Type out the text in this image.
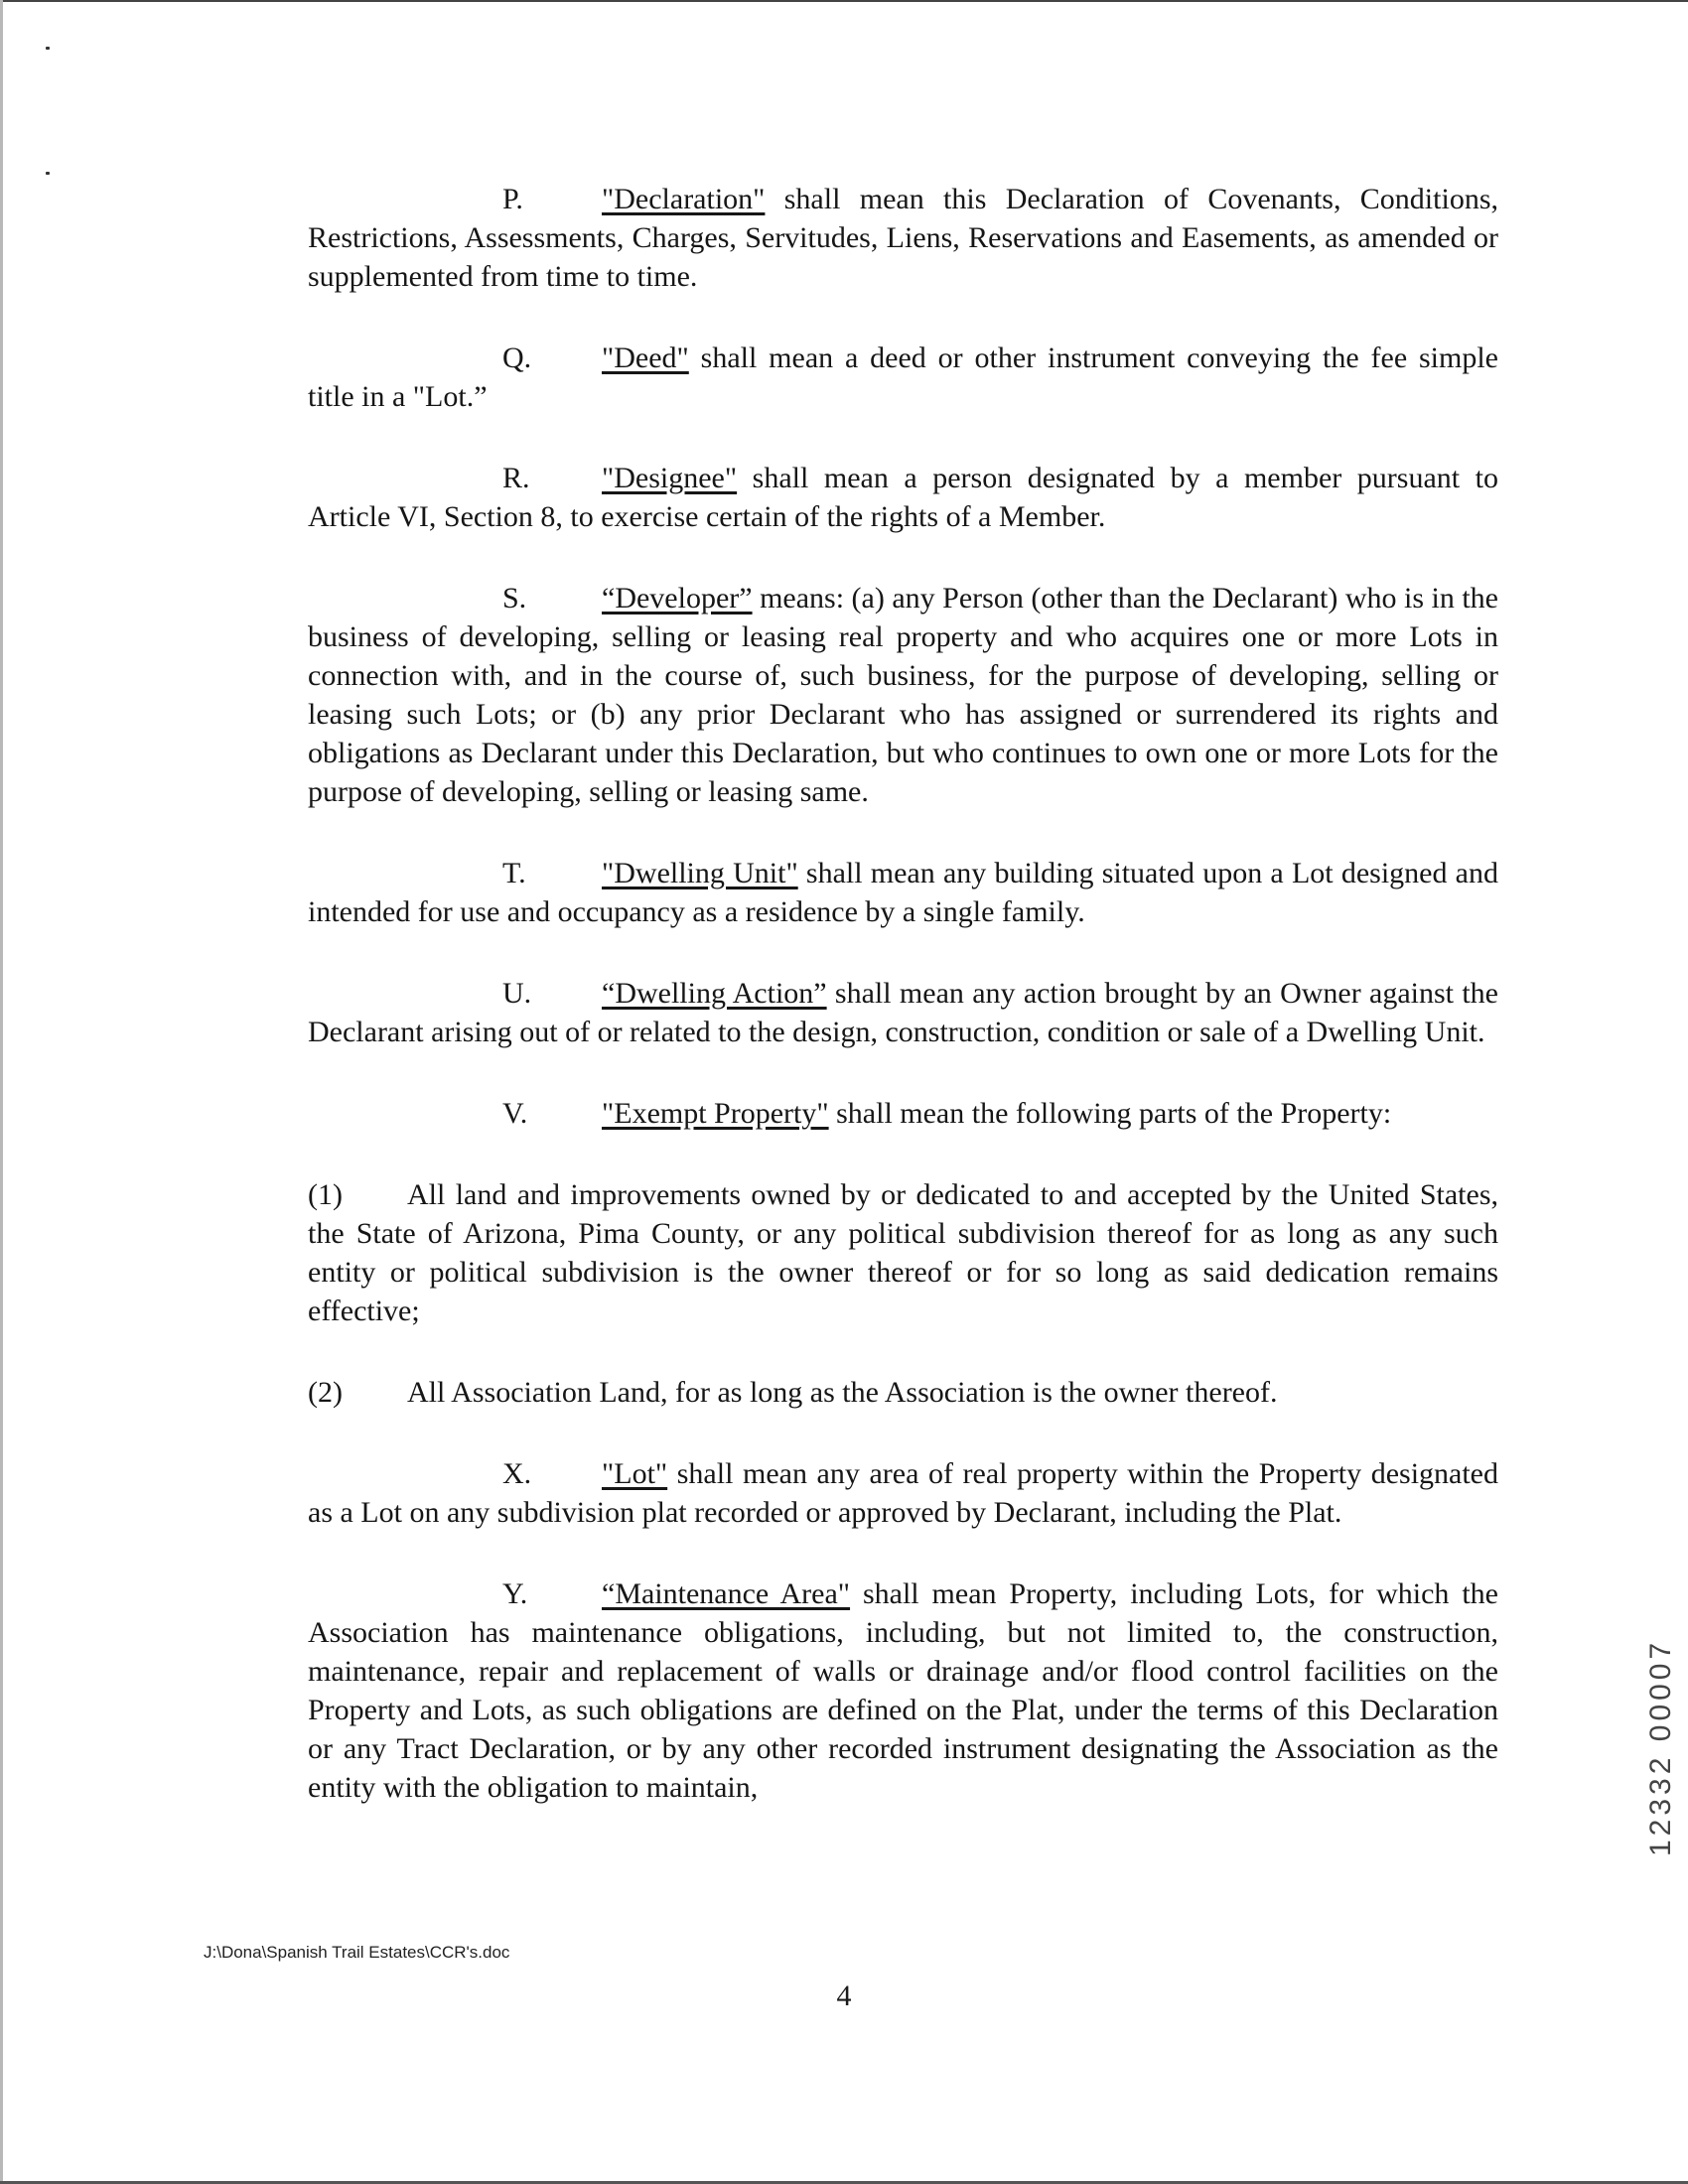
P.	"Declaration" shall mean this Declaration of Covenants, Conditions, Restrictions, Assessments, Charges, Servitudes, Liens, Reservations and Easements, as amended or supplemented from time to time.

Q. "Deed" shall mean a deed or other instrument conveying the fee simple title in a "Lot.”

R. "Designee" shall mean a person designated by a member pursuant to Article VI, Section 8, to exercise certain of the rights of a Member.

S.	“Developer” means: (a) any Person (other than the Declarant) who is in the business of developing, selling or leasing real property and who acquires one or more Lots in connection with, and in the course of, such business, for the purpose of developing, selling or leasing such Lots; or (b) any prior Declarant who has assigned or surrendered its rights and obligations as Declarant under this Declaration, but who continues to own one or more Lots for the purpose of developing, selling or leasing same.

T.	"Dwelling Unit" shall mean any building situated upon a Lot designed and intended for use and occupancy as a residence by a single family.

U. “Dwelling Action” shall mean any action brought by an Owner against the Declarant arising out of or related to the design, construction, condition or sale of a Dwelling Unit.

V. "Exempt Property" shall mean the following parts of the Property:

(1) All land and improvements owned by or dedicated to and accepted by the United States, the State of Arizona, Pima County, or any political subdivision thereof for as long as any such entity or political subdivision is the owner thereof or for so long as said dedication remains effective;

(2) All Association Land, for as long as the Association is the owner thereof.

X. "Lot" shall mean any area of real property within the Property designated as a Lot on any subdivision plat recorded or approved by Declarant, including the Plat.

Y. “Maintenance Area" shall mean Property, including Lots, for which the Association has maintenance obligations, including, but not limited to, the construction, maintenance, repair and replacement of walls or drainage and/or flood control facilities on the Property and Lots, as such obligations are defined on the Plat, under the terms of this Declaration or any Tract Declaration, or by any other recorded instrument designating the Association as the entity with the obligation to maintain,

J:\Dona\Spanish Trail Estates\CCR's.doc
4
12332 00007
